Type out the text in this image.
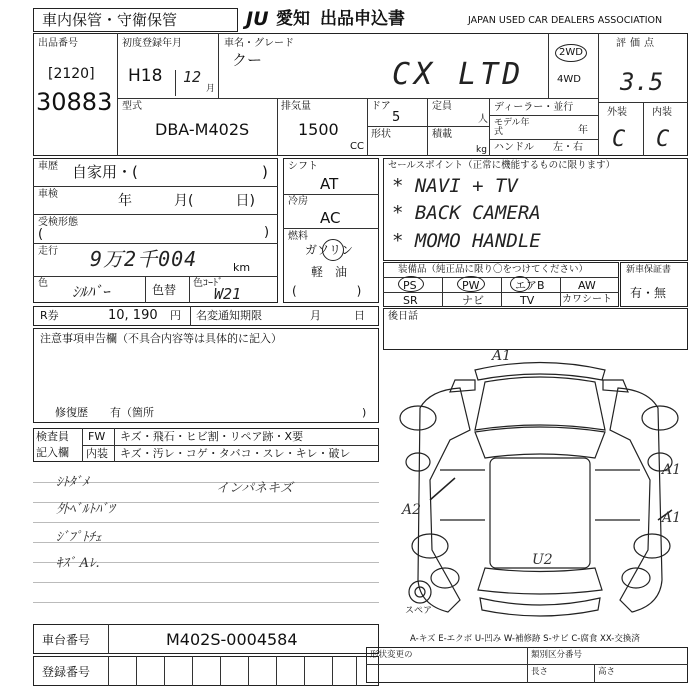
車内保管・守衛保管	JU 愛知 出品申込書	JAPAN USED CAR DEALERS ASSOCIATION
出品番号
[2120]
30883
初度登録年月
H18 12
月
車名・グレード
クー	CX LTD
2WD
4WD
評価点
3.5
外装	内装
C C
型式
DBA-M402S
排気量
1500
CC
ドア
5
形状
定員
人
積載
kg
ディーラー・並行
モデル年式	年
ハンドル 左・右
車歴 自家用・(	)
車検	年　　　月(　　　日)
受検形態
(	)
走行 9万2千004	km
色 ｼﾙﾊﾞｰ	色替 色ｺｰﾄﾞ
W21
シフト
AT
冷房
AC
燃料
ガソリン
軽　油
(　　　　　)
セールスポイント（正常に機能するものに限ります）
* NAVI + TV
* BACK CAMERA
* MOMO HANDLE
装備品（純正品に限り〇をつけてください）
PS	PW	エアB	AW
SR	ナビ	TV	カワシート
新車保証書
有・無
R券	10, 190 円 名変通知期限	月	日 後日話
注意事項申告欄（不具合内容等は具体的に記入）
修復歴　　有（箇所	)
検査員
記入欄
FW キズ・飛石・ヒビ割・リペア跡・X要
内装 キズ・汚レ・コゲ・タバコ・スレ・キレ・破レ
ｼﾄﾀﾞﾒ
外ﾍﾞﾙﾄﾊﾞﾂ
ｼﾞﾌﾟﾄﾁｪ
ｷｽﾞ Aﾚ.
インパネキズ
A1
A1
A1
A2
U2
スペア
A-キズ E-エクボ U-凹み W-補修跡 S-サビ C-腐食 XX-交換済
車台番号	M402S-0004584
登録番号
形状変更の	類別区分番号
長さ	高さ
